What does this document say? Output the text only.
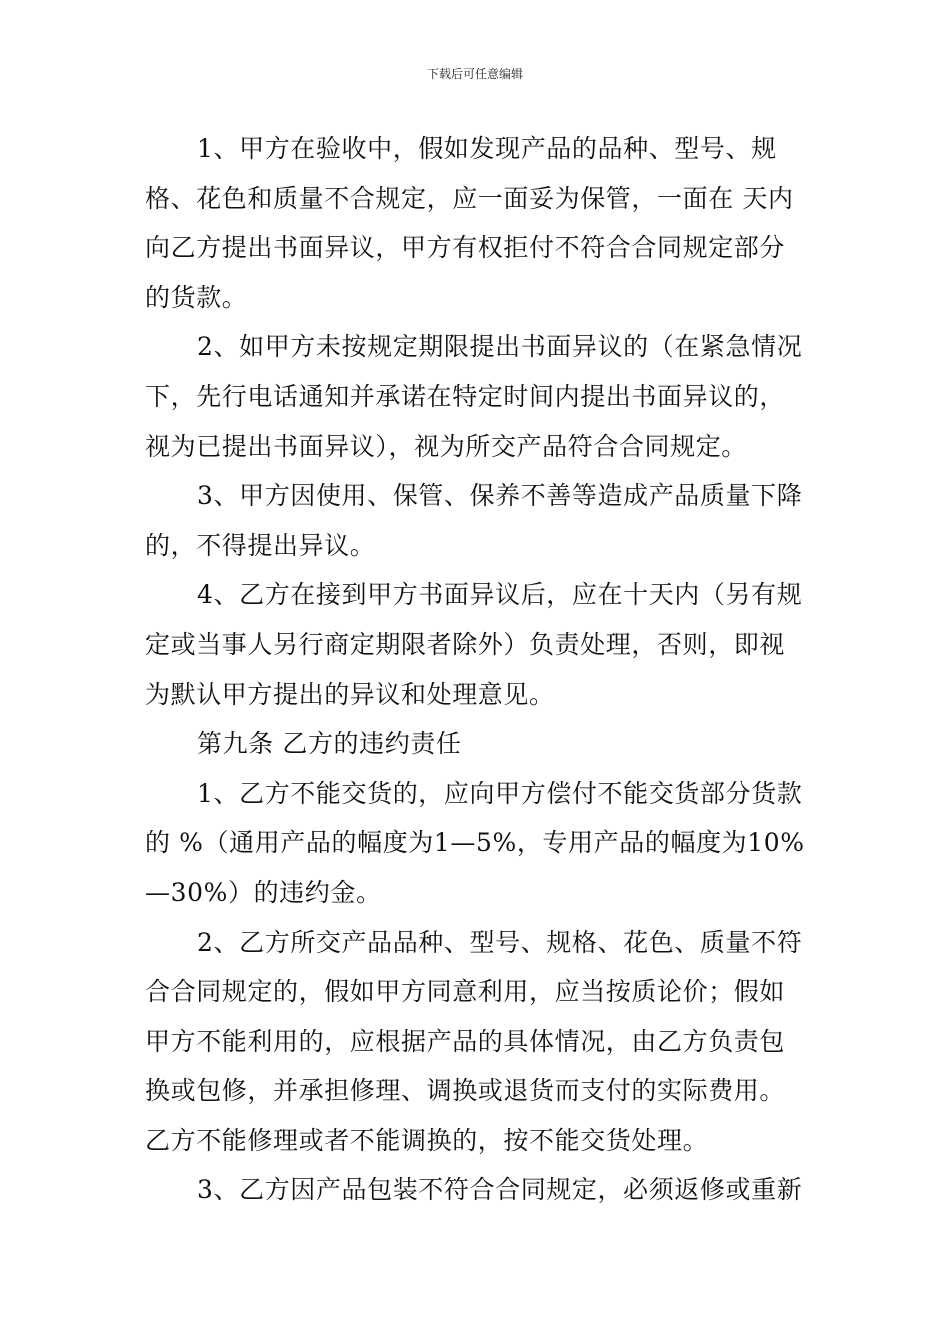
下载后可任意编辑

1、甲方在验收中，假如发现产品的品种、型号、规格、花色和质量不合规定，应一面妥为保管，一面在 天内向乙方提出书面异议，甲方有权拒付不符合合同规定部分的货款。

2、如甲方未按规定期限提出书面异议的（在紧急情况下，先行电话通知并承诺在特定时间内提出书面异议的，视为已提出书面异议），视为所交产品符合合同规定。

3、甲方因使用、保管、保养不善等造成产品质量下降的，不得提出异议。

4、乙方在接到甲方书面异议后，应在十天内（另有规定或当事人另行商定期限者除外）负责处理，否则，即视为默认甲方提出的异议和处理意见。

第九条 乙方的违约责任

1、乙方不能交货的，应向甲方偿付不能交货部分货款的 %（通用产品的幅度为1—5%，专用产品的幅度为10%—30%）的违约金。

2、乙方所交产品品种、型号、规格、花色、质量不符合合同规定的，假如甲方同意利用，应当按质论价；假如甲方不能利用的，应根据产品的具体情况，由乙方负责包换或包修，并承担修理、调换或退货而支付的实际费用。乙方不能修理或者不能调换的，按不能交货处理。

3、乙方因产品包装不符合合同规定，必须返修或重新
